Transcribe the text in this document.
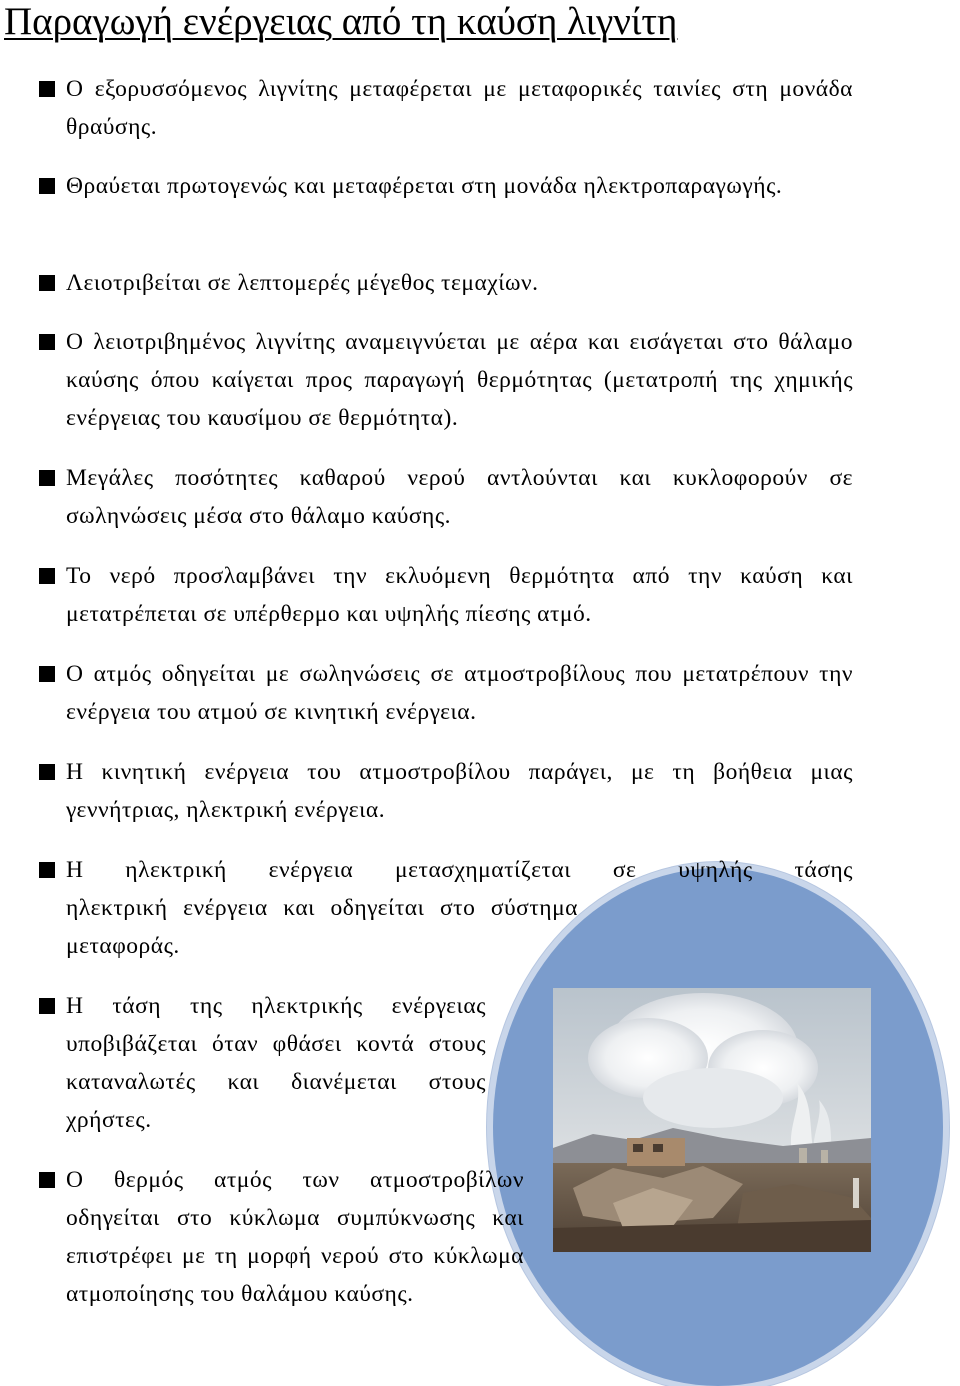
Παραγωγή ενέργειας από τη καύση λιγνίτη
Ο εξορυσσόμενος λιγνίτης μεταφέρεται με μεταφορικές ταινίες στη μονάδα θραύσης.
Θραύεται πρωτογενώς και μεταφέρεται στη μονάδα ηλεκτροπαραγωγής.
Λειοτριβείται σε λεπτομερές μέγεθος τεμαχίων.
Ο λειοτριβημένος λιγνίτης αναμειγνύεται με αέρα και εισάγεται στο θάλαμο καύσης όπου καίγεται προς παραγωγή θερμότητας (μετατροπή της χημικής ενέργειας του καυσίμου σε θερμότητα).
Μεγάλες ποσότητες καθαρού νερού αντλούνται και κυκλοφορούν σε σωληνώσεις μέσα στο θάλαμο καύσης.
Το νερό προσλαμβάνει την εκλυόμενη θερμότητα από την καύση και μετατρέπεται σε υπέρθερμο και υψηλής πίεσης ατμό.
Ο ατμός οδηγείται με σωληνώσεις σε ατμοστροβίλους που μετατρέπουν την ενέργεια του ατμού σε κινητική ενέργεια.
Η κινητική ενέργεια του ατμοστροβίλου παράγει, με τη βοήθεια μιας γεννήτριας, ηλεκτρική ενέργεια.
Η ηλεκτρική ενέργεια μετασχηματίζεται σε υψηλής τάσης
ηλεκτρική ενέργεια και οδηγείται στο σύστημα μεταφοράς.
Η τάση της ηλεκτρικής ενέργειας υποβιβάζεται όταν φθάσει κοντά στους καταναλωτές και διανέμεται στους χρήστες.
Ο θερμός ατμός των ατμοστροβίλων οδηγείται στο κύκλωμα συμπύκνωσης και επιστρέφει με τη μορφή νερού στο κύκλωμα ατμοποίησης του θαλάμου καύσης.
